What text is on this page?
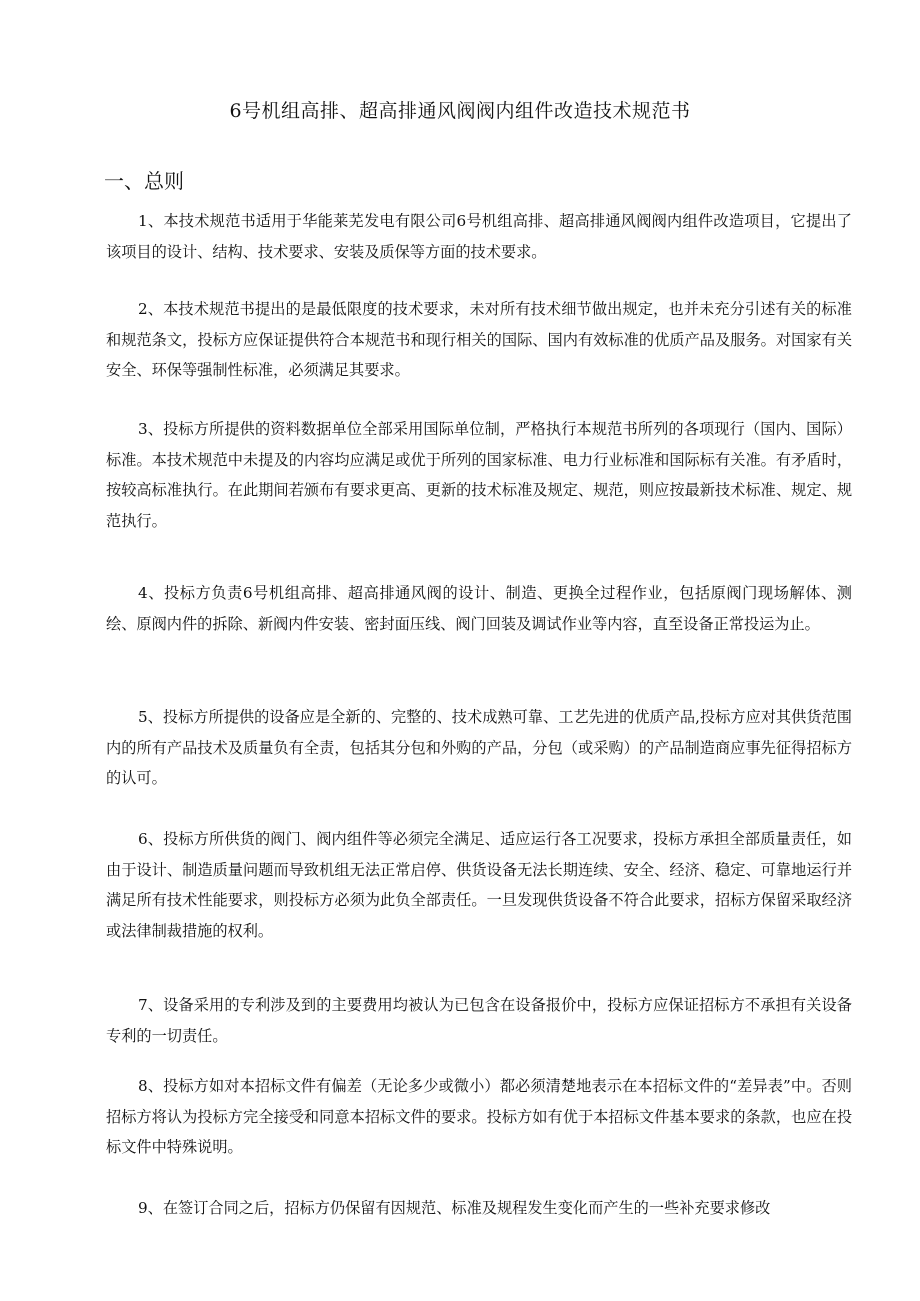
6号机组高排、超高排通风阀阀内组件改造技术规范书
一、总则

1、本技术规范书适用于华能莱芜发电有限公司6号机组高排、超高排通风阀阀内组件改造项目，它提出了该项目的设计、结构、技术要求、安装及质保等方面的技术要求。

2、本技术规范书提出的是最低限度的技术要求，未对所有技术细节做出规定，也并未充分引述有关的标准和规范条文，投标方应保证提供符合本规范书和现行相关的国际、国内有效标准的优质产品及服务。对国家有关安全、环保等强制性标准，必须满足其要求。

3、投标方所提供的资料数据单位全部采用国际单位制，严格执行本规范书所列的各项现行（国内、国际）标准。本技术规范中未提及的内容均应满足或优于所列的国家标准、电力行业标准和国际标有关准。有矛盾时，按较高标准执行。在此期间若颁布有要求更高、更新的技术标准及规定、规范，则应按最新技术标准、规定、规范执行。

4、投标方负责6号机组高排、超高排通风阀的设计、制造、更换全过程作业，包括原阀门现场解体、测绘、原阀内件的拆除、新阀内件安装、密封面压线、阀门回装及调试作业等内容，直至设备正常投运为止。

5、投标方所提供的设备应是全新的、完整的、技术成熟可靠、工艺先进的优质产品,投标方应对其供货范围内的所有产品技术及质量负有全责，包括其分包和外购的产品，分包（或采购）的产品制造商应事先征得招标方的认可。

6、投标方所供货的阀门、阀内组件等必须完全满足、适应运行各工况要求，投标方承担全部质量责任，如由于设计、制造质量问题而导致机组无法正常启停、供货设备无法长期连续、安全、经济、稳定、可靠地运行并满足所有技术性能要求，则投标方必须为此负全部责任。一旦发现供货设备不符合此要求，招标方保留采取经济或法律制裁措施的权利。

7、设备采用的专利涉及到的主要费用均被认为已包含在设备报价中，投标方应保证招标方不承担有关设备专利的一切责任。

8、投标方如对本招标文件有偏差（无论多少或微小）都必须清楚地表示在本招标文件的“差异表”中。否则招标方将认为投标方完全接受和同意本招标文件的要求。投标方如有优于本招标文件基本要求的条款，也应在投标文件中特殊说明。

9、在签订合同之后，招标方仍保留有因规范、标准及规程发生变化而产生的一些补充要求修改
